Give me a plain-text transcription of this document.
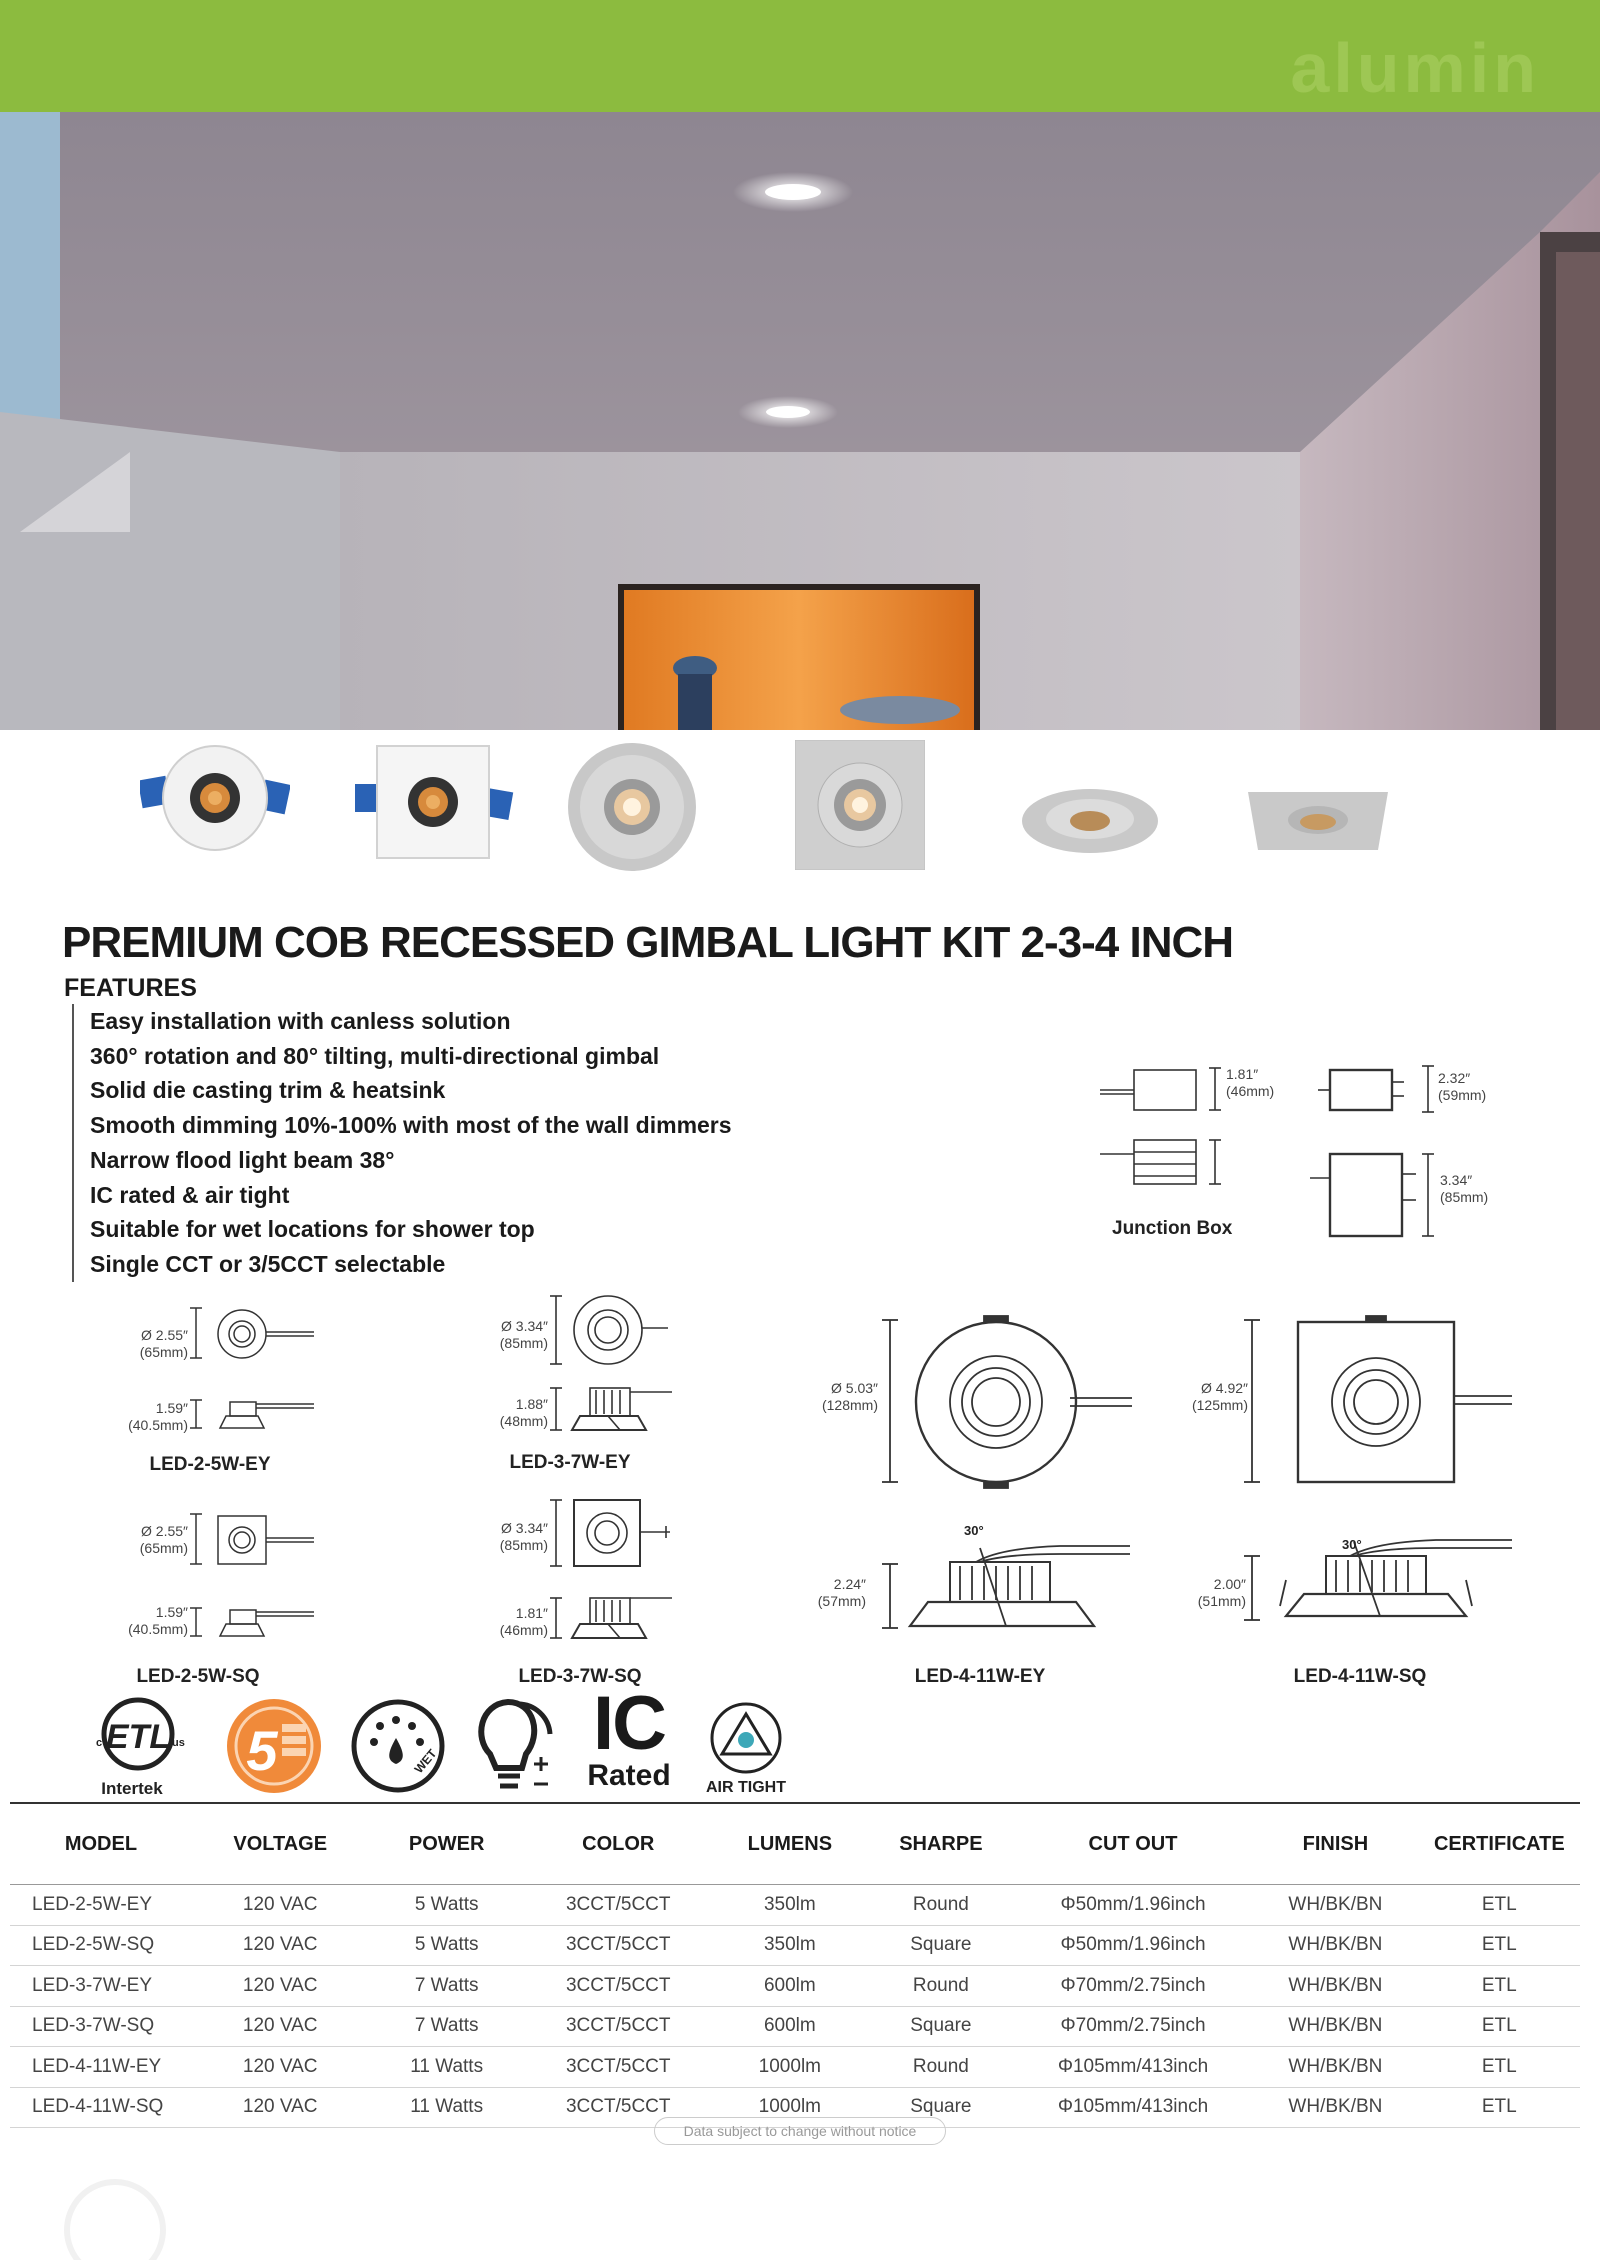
alumin
PREMIUM COB RECESSED GIMBAL LIGHT KIT 2-3-4 INCH
FEATURES
Easy installation with canless solution
360° rotation and 80° tilting, multi-directional gimbal
Solid die casting trim & heatsink
Smooth dimming 10%-100% with most of the wall dimmers
Narrow flood light beam 38°
IC rated & air tight
Suitable for wet locations for shower top
Single CCT or 3/5CCT selectable
1.81″
(46mm)
2.32″
(59mm)
3.34″
(85mm)
Junction Box
Ø 2.55″
(65mm)
1.59″
(40.5mm)
LED-2-5W-EY
Ø 3.34″
(85mm)
1.88″
(48mm)
LED-3-7W-EY
Ø 2.55″
(65mm)
1.59″
(40.5mm)
LED-2-5W-SQ
Ø 3.34″
(85mm)
1.81″
(46mm)
LED-3-7W-SQ
30°
Ø 5.03″
(128mm)
2.24″
(57mm)
LED-4-11W-EY
30°
Ø 4.92″
(125mm)
2.00″
(51mm)
LED-4-11W-SQ
ETL
c	us
Intertek
5	WET IC
Rated AIR TIGHT
MODEL	VOLTAGE	POWER	COLOR	LUMENS	SHARPE	CUT OUT	FINISH	CERTIFICATE
LED-2-5W-EY	120 VAC	5 Watts	3CCT/5CCT	350lm	Round	Φ50mm/1.96inch	WH/BK/BN	ETL
LED-2-5W-SQ	120 VAC	5 Watts	3CCT/5CCT	350lm	Square	Φ50mm/1.96inch	WH/BK/BN	ETL
LED-3-7W-EY	120 VAC	7 Watts	3CCT/5CCT	600lm	Round	Φ70mm/2.75inch	WH/BK/BN	ETL
LED-3-7W-SQ	120 VAC	7 Watts	3CCT/5CCT	600lm	Square	Φ70mm/2.75inch	WH/BK/BN	ETL
LED-4-11W-EY	120 VAC	11 Watts	3CCT/5CCT	1000lm	Round	Φ105mm/413inch	WH/BK/BN	ETL
LED-4-11W-SQ	120 VAC	11 Watts	3CCT/5CCT	1000lm	Square	Φ105mm/413inch	WH/BK/BN	ETL
Data subject to change without notice
